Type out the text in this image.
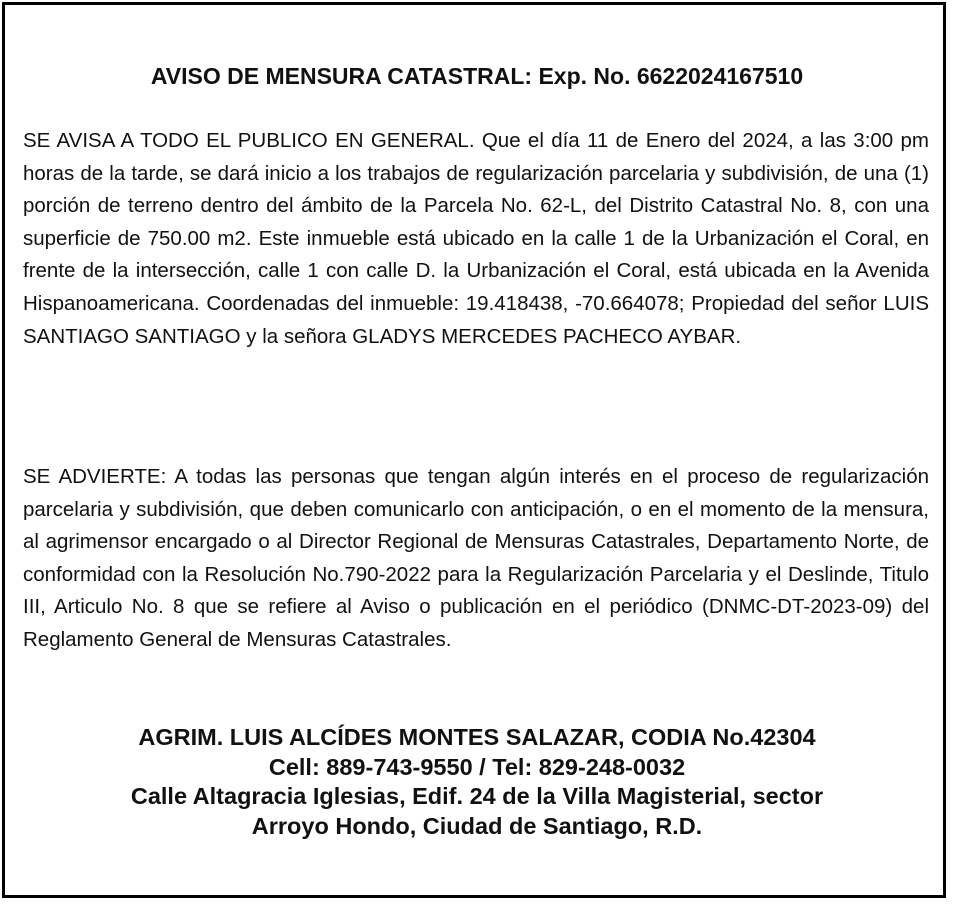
AVISO DE MENSURA CATASTRAL: Exp. No. 6622024167510

SE AVISA A TODO EL PUBLICO EN GENERAL. Que el día 11 de Enero del 2024, a las 3:00 pm horas de la tarde, se dará inicio a los trabajos de regularización parcelaria y subdivisión, de una (1) porción de terreno dentro del ámbito de la Parcela No. 62-L, del Distrito Catastral No. 8, con una superficie de 750.00 m2. Este inmueble está ubicado en la calle 1 de la Urbanización el Coral, en frente de la intersección, calle 1 con calle D. la Urbanización el Coral, está ubicada en la Avenida Hispanoamericana. Coordenadas del inmueble: 19.418438, -70.664078; Propiedad del señor LUIS SANTIAGO SANTIAGO y la señora GLADYS MERCEDES PACHECO AYBAR.

SE ADVIERTE: A todas las personas que tengan algún interés en el proceso de regularización parcelaria y subdivisión, que deben comunicarlo con anticipación, o en el momento de la mensura, al agrimensor encargado o al Director Regional de Mensuras Catastrales, Departamento Norte, de conformidad con la Resolución No.790-2022 para la Regularización Parcelaria y el Deslinde, Titulo III, Articulo No. 8 que se refiere al Aviso o publicación en el periódico (DNMC-DT-2023-09) del Reglamento General de Mensuras Catastrales.

AGRIM. LUIS ALCÍDES MONTES SALAZAR, CODIA No.42304
Cell: 889-743-9550 / Tel: 829-248-0032
Calle Altagracia Iglesias, Edif. 24 de la Villa Magisterial, sector
Arroyo Hondo, Ciudad de Santiago, R.D.
